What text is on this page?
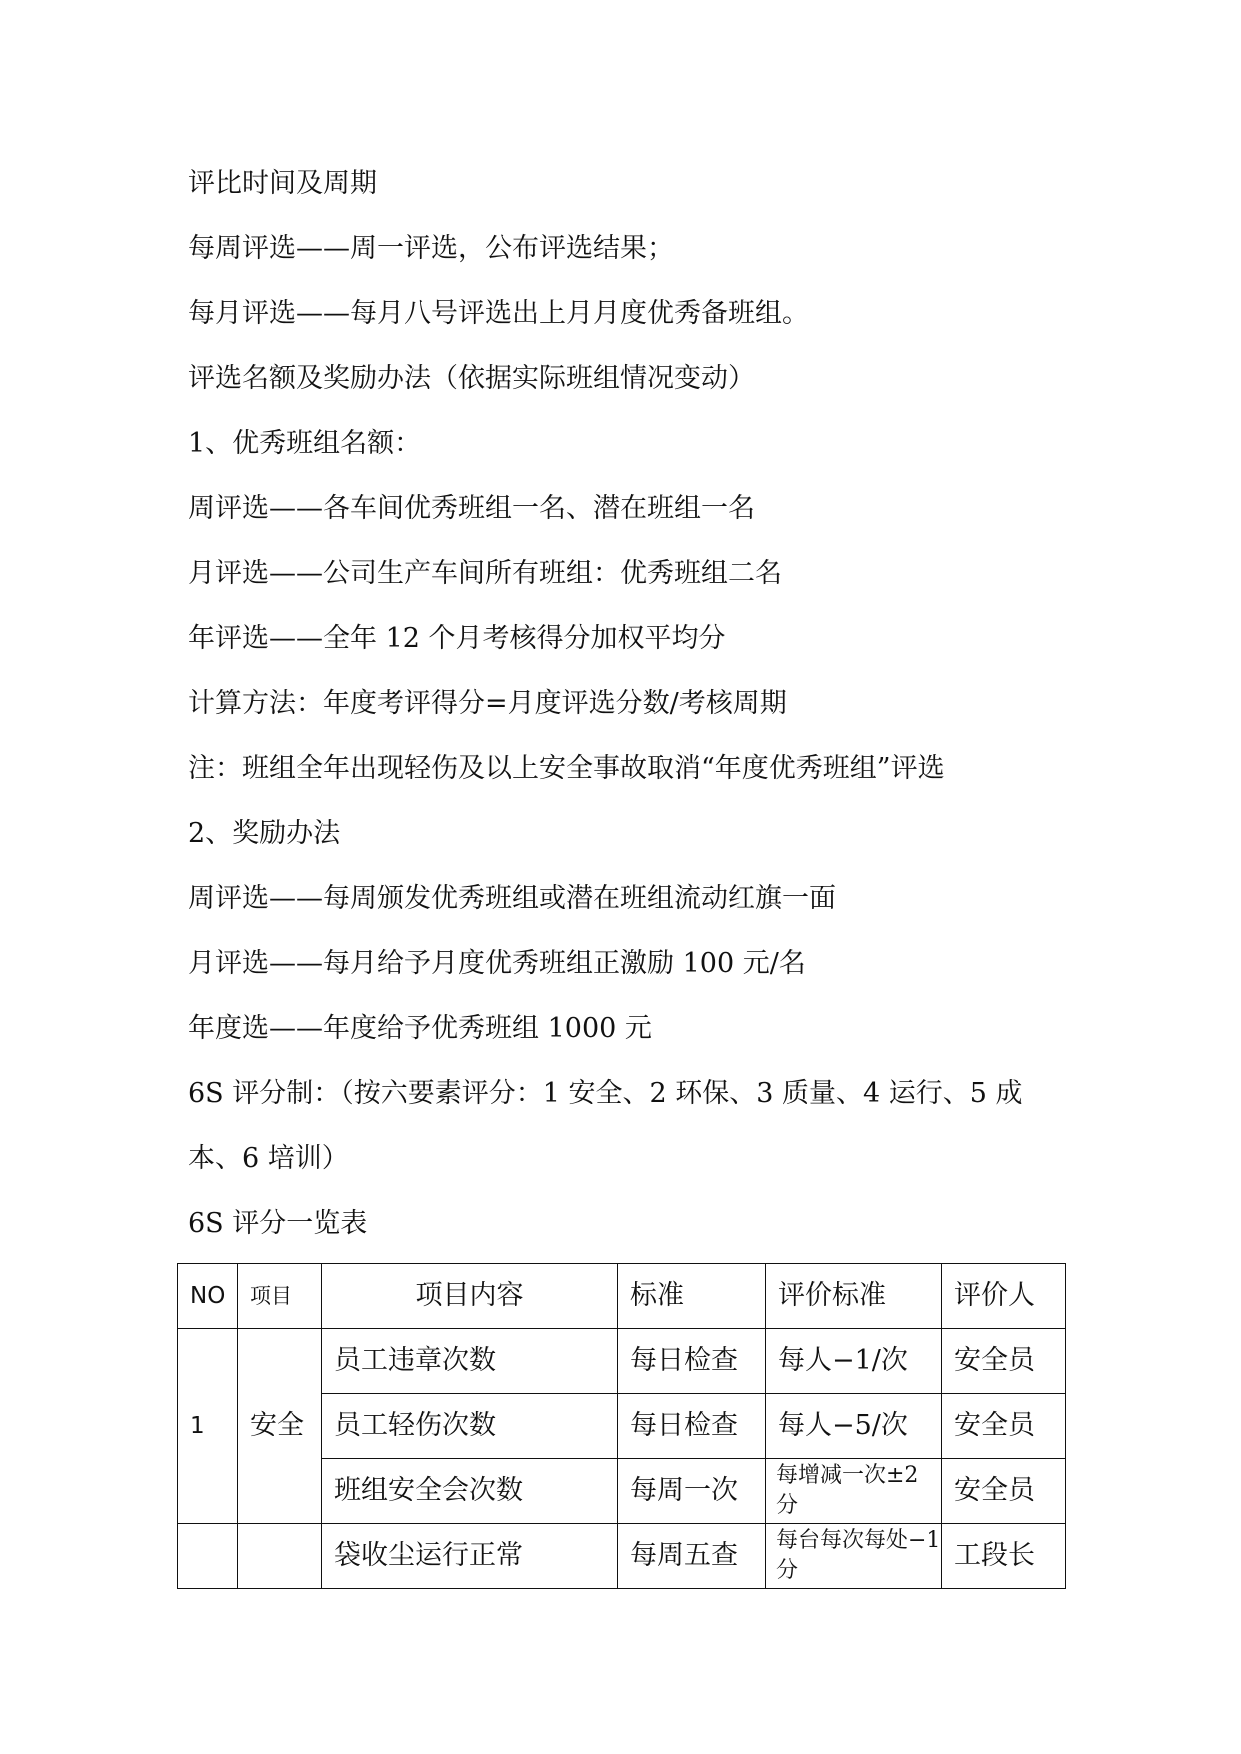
评比时间及周期

每周评选——周一评选，公布评选结果；

每月评选——每月八号评选出上月月度优秀备班组。

评选名额及奖励办法（依据实际班组情况变动）

1、优秀班组名额：

周评选——各车间优秀班组一名、潜在班组一名

月评选——公司生产车间所有班组：优秀班组二名

年评选——全年 12 个月考核得分加权平均分

计算方法：年度考评得分=月度评选分数/考核周期

注：班组全年出现轻伤及以上安全事故取消“年度优秀班组”评选

2、奖励办法

周评选——每周颁发优秀班组或潜在班组流动红旗一面

月评选——每月给予月度优秀班组正激励 100 元/名

年度选——年度给予优秀班组 1000 元

6S 评分制：（按六要素评分：1 安全、2 环保、3 质量、4 运行、5 成

本、6 培训）

6S 评分一览表

NO	项目	项目内容	标准	评价标准	评价人
1	安全	员工违章次数	每日检查	每人−1/次	安全员
		员工轻伤次数	每日检查	每人−5/次	安全员
		班组安全会次数	每周一次	每增减一次±2 分	安全员
		袋收尘运行正常	每周五查	每台每次每处−1 分	工段长
